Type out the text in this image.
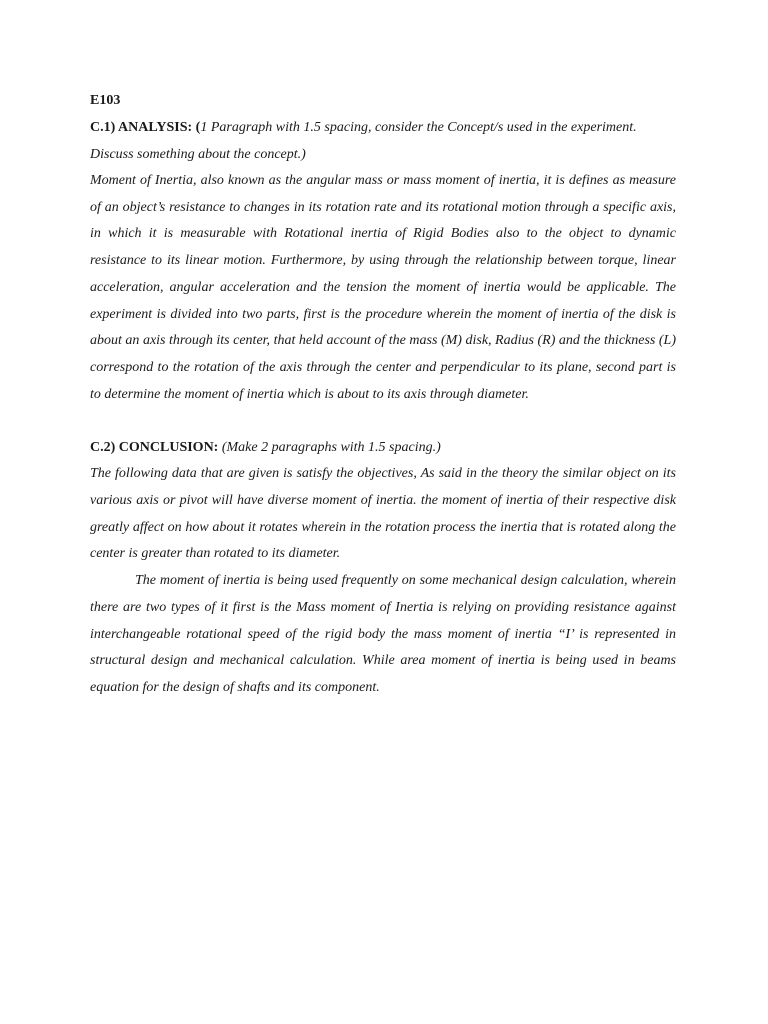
E103

C.1) ANALYSIS: (1 Paragraph with 1.5 spacing, consider the Concept/s used in the experiment. Discuss something about the concept.)

Moment of Inertia, also known as the angular mass or mass moment of inertia, it is defines as measure of an object’s resistance to changes in its rotation rate and its rotational motion through a specific axis, in which it is measurable with Rotational inertia of Rigid Bodies also to the object to dynamic resistance to its linear motion. Furthermore, by using through the relationship between torque, linear acceleration, angular acceleration and the tension the moment of inertia would be applicable. The experiment is divided into two parts, first is the procedure wherein the moment of inertia of the disk is about an axis through its center, that held account of the mass (M) disk, Radius (R) and the thickness (L) correspond to the rotation of the axis through the center and perpendicular to its plane, second part is to determine the moment of inertia which is about to its axis through diameter.

C.2) CONCLUSION: (Make 2 paragraphs with 1.5 spacing.)

The following data that are given is satisfy the objectives, As said in the theory the similar object on its various axis or pivot will have diverse moment of inertia. the moment of inertia of their respective disk greatly affect on how about it rotates wherein in the rotation process the inertia that is rotated along the center is greater than rotated to its diameter.

The moment of inertia is being used frequently on some mechanical design calculation, wherein there are two types of it first is the Mass moment of Inertia is relying on providing resistance against interchangeable rotational speed of the rigid body the mass moment of inertia “I’ is represented in structural design and mechanical calculation. While area moment of inertia is being used in beams equation for the design of shafts and its component.
